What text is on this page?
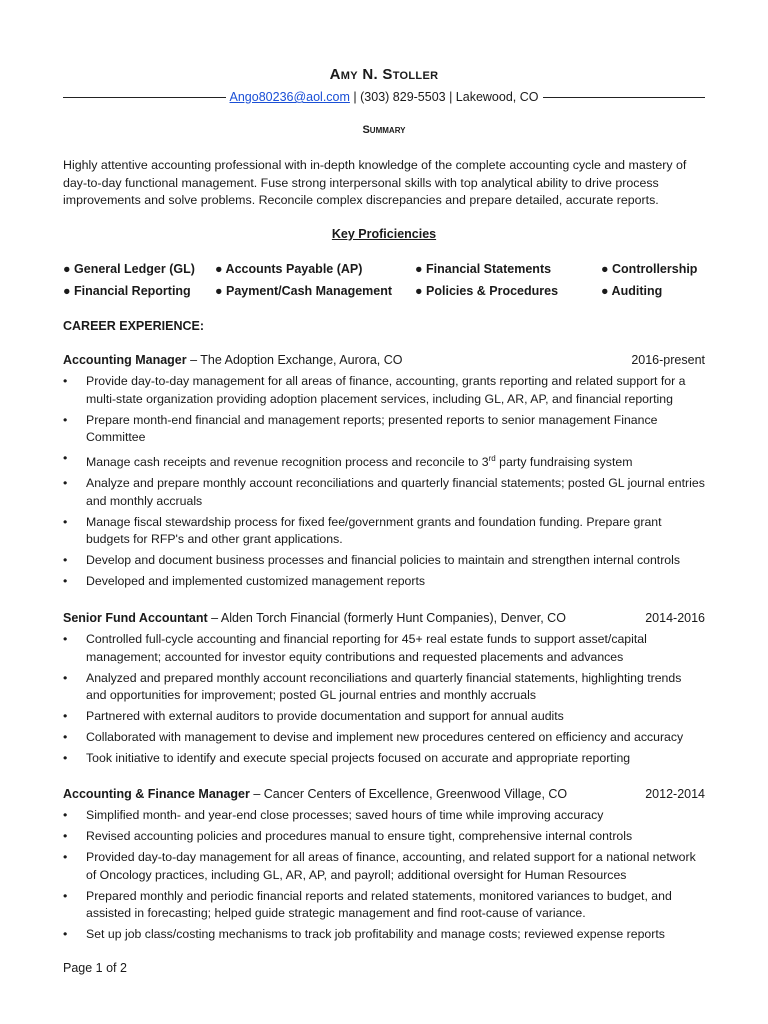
Amy N. Stoller
Ango80236@aol.com | (303) 829-5503 | Lakewood, CO
Summary
Highly attentive accounting professional with in-depth knowledge of the complete accounting cycle and mastery of day-to-day functional management. Fuse strong interpersonal skills with top analytical ability to drive process improvements and solve problems. Reconcile complex discrepancies and prepare detailed, accurate reports.
Key Proficiencies
● General Ledger (GL) ● Accounts Payable (AP)	● Financial Statements	● Controllership
● Financial Reporting ● Payment/Cash Management ● Policies & Procedures	● Auditing
CAREER EXPERIENCE:
Accounting Manager – The Adoption Exchange, Aurora, CO	2016-present
• Provide day-to-day management for all areas of finance, accounting, grants reporting and related support for a multi-state organization providing adoption placement services, including GL, AR, AP, and financial reporting
• Prepare month-end financial and management reports; presented reports to senior management Finance Committee
• Manage cash receipts and revenue recognition process and reconcile to 3rd party fundraising system
• Analyze and prepare monthly account reconciliations and quarterly financial statements; posted GL journal entries and monthly accruals
• Manage fiscal stewardship process for fixed fee/government grants and foundation funding. Prepare grant budgets for RFP's and other grant applications.
• Develop and document business processes and financial policies to maintain and strengthen internal controls
• Developed and implemented customized management reports
Senior Fund Accountant – Alden Torch Financial (formerly Hunt Companies), Denver, CO	2014-2016
• Controlled full-cycle accounting and financial reporting for 45+ real estate funds to support asset/capital management; accounted for investor equity contributions and requested placements and advances
• Analyzed and prepared monthly account reconciliations and quarterly financial statements, highlighting trends and opportunities for improvement; posted GL journal entries and monthly accruals
• Partnered with external auditors to provide documentation and support for annual audits
• Collaborated with management to devise and implement new procedures centered on efficiency and accuracy
• Took initiative to identify and execute special projects focused on accurate and appropriate reporting
Accounting & Finance Manager – Cancer Centers of Excellence, Greenwood Village, CO	2012-2014
• Simplified month- and year-end close processes; saved hours of time while improving accuracy
• Revised accounting policies and procedures manual to ensure tight, comprehensive internal controls
• Provided day-to-day management for all areas of finance, accounting, and related support for a national network of Oncology practices, including GL, AR, AP, and payroll; additional oversight for Human Resources
• Prepared monthly and periodic financial reports and related statements, monitored variances to budget, and assisted in forecasting; helped guide strategic management and find root-cause of variance.
• Set up job class/costing mechanisms to track job profitability and manage costs; reviewed expense reports
Page 1 of 2
